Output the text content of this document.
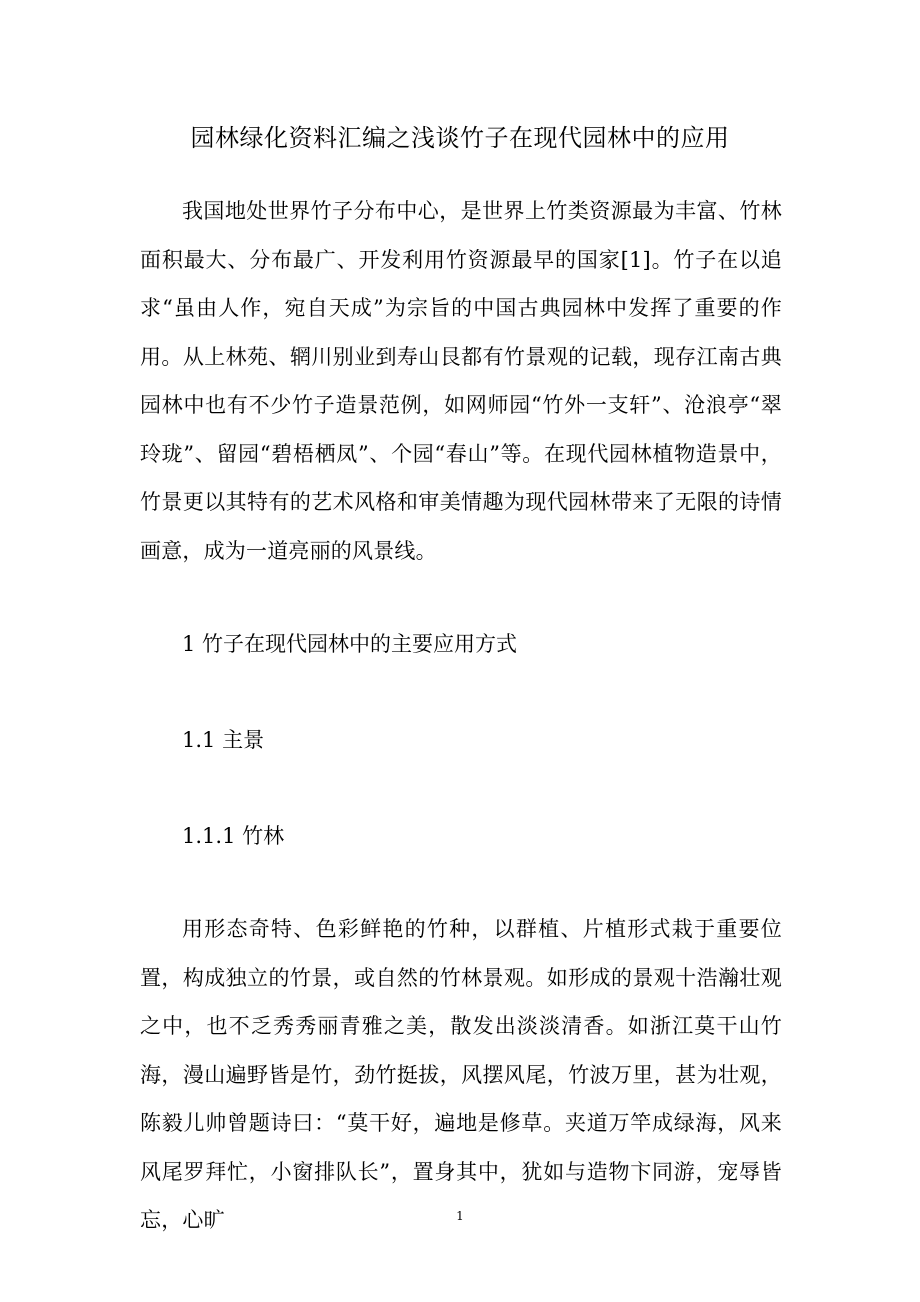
园林绿化资料汇编之浅谈竹子在现代园林中的应用

我国地处世界竹子分布中心，是世界上竹类资源最为丰富、竹林面积最大、分布最广、开发利用竹资源最早的国家[1]。竹子在以追求“虽由人作，宛自天成”为宗旨的中国古典园林中发挥了重要的作用。从上林苑、辋川别业到寿山艮都有竹景观的记载，现存江南古典园林中也有不少竹子造景范例，如网师园“竹外一支轩”、沧浪亭“翠玲珑”、留园“碧梧栖凤”、个园“春山”等。在现代园林植物造景中，竹景更以其特有的艺术风格和审美情趣为现代园林带来了无限的诗情画意，成为一道亮丽的风景线。

1 竹子在现代园林中的主要应用方式
1.1 主景
1.1.1 竹林

用形态奇特、色彩鲜艳的竹种，以群植、片植形式栽于重要位置，构成独立的竹景，或自然的竹林景观。如形成的景观十浩瀚壮观之中，也不乏秀秀丽青雅之美，散发出淡淡清香。如浙江莫干山竹海，漫山遍野皆是竹，劲竹挺拔，风摆风尾，竹波万里，甚为壮观，陈毅儿帅曾题诗曰：“莫干好，遍地是修草。夹道万竿成绿海，风来风尾罗拜忙，小窗排队长”，置身其中，犹如与造物卞同游，宠辱皆忘，心旷	1
